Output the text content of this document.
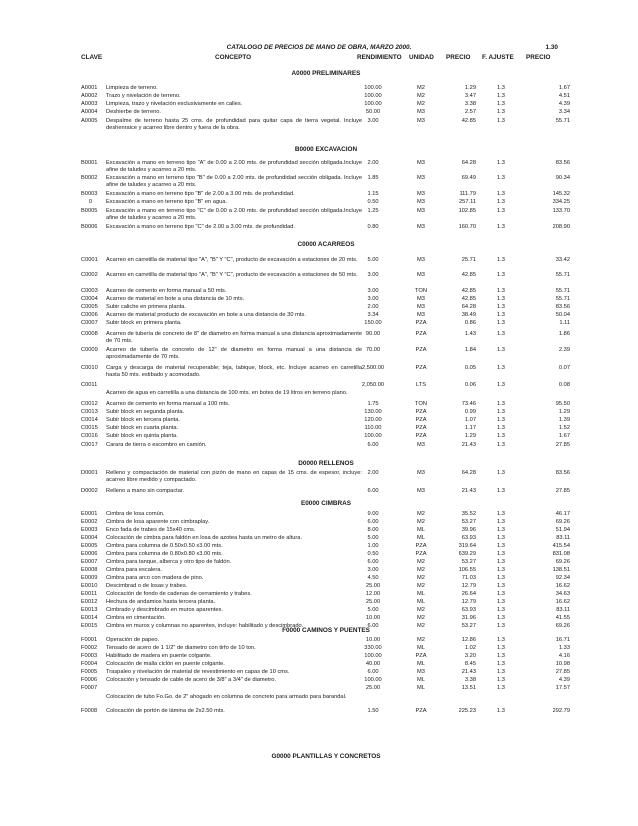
CATALOGO DE PRECIOS DE MANO DE OBRA, MARZO 2000.	1.30
CLAVE	CONCEPTO	RENDIMIENTO UNIDAD PRECIO F. AJUSTE PRECIO
A0000 PRELIMINARES
B0000 EXCAVACION
C0000 ACARREOS
D0000 RELLENOS
E0000 CIMBRAS
F0000 CAMINOS Y PUENTES
G0000 PLANTILLAS Y CONCRETOS
A0001 Limpieza de terreno.	100.00	M2	1.29	1.3	1.67
A0002 Trazo y nivelación de terreno.	100.00	M2	3.47	1.3	4.51
A0003 Limpieza, trazo y nivelación exclusivamente en calles.	100.00	M2	3.38	1.3	4.39
A0004 Deshierbe de terreno.	50.00	M3	2.57	1.3	3.34
A0005 Despalme de terreno hasta 25 cms. de profundidad para quitar capa de tierra vegetal. Incluye deshenraice y acarreo libre dentro y fuera de la obra.
3.00	M3	42.85	1.3	55.71
B0001 Excavación a mano en terreno tipo "A" de 0.00 a 2.00 mts. de profundidad sección obligada.Incluye afine de taludes y acarreo a 20 mts.
2.00	M3	64.28	1.3	83.56
B0002 Excavación a mano en terreno tipo "B" de 0.00 a 2.00 mts. de profundidad sección obligada. Incluye afine de taludes y acarreo a 20 mts.
1.85	M3	69.49	1.3	90.34
B0003 Excavación a mano en terreno tipo "B" de 2.00 a 3.00 mts. de profundidad.	1.15	M3	111.79	1.3	145.32
0	Excavación a mano en terreno tipo "B" en agua.	0.50	M3	257.11	1.3	334.25
B0005 Excavación a mano en terreno tipo "C" de 0.00 a 2.00 mts. de profundidad sección obligada.Incluye afine de taludes y acarreo a 20 mts.
1.25	M3	102.85	1.3	133.70
B0006 Excavación a mano en terreno tipo "C" de 2.00 a 3.00 mts. de profundidad.	0.80	M3	160.70	1.3	208.90
C0001 Acarreo en carretilla de material tipo "A", "B" Y "C", producto de excavación a estaciones de 20 mts.	5.00	M3	25.71	1.3	33.42
C0002 Acarreo en carretilla de material tipo "A", "B" Y "C", producto de excavación a estaciones de 50 mts.	3.00	M3	42.85	1.3	55.71
C0003 Acarreo de cemento en forma manual a 50 mts.	3.00	TON	42.85	1.3	55.71
C0004 Acarreo de material en bote a una distancia de 10 mts.	3.00	M3	42.85	1.3	55.71
C0005 Subir caliche en primera planta.	2.00	M3	64.28	1.3	83.56
C0006 Acarreo de material producto de excavación en bote a una distancia de 30 mts.	3.34	M3	38.49	1.3	50.04
C0007 Subir block en primera planta.	150.00	PZA	0.86	1.3	1.11
C0008 Acarreo de tubería de concreto de 8" de diametro en forma manual a una distancia aproximadamente de 70 mts.
90.00	PZA	1.43	1.3	1.86
C0009 Acarreo de tubería de concreto de 12" de diametro en forma manual a una distancia de aproximadamente de 70 mts.
70.00	PZA	1.84	1.3	2.39
C0010 Carga y descarga de material recuperable; teja, tabique, block, etc. Incluye acarreo en carretilla hasta 50 mts. estibado y acomodado.
2,500.00	PZA	0.05	1.3	0.07
C0011	2,050.00	LTS	0.06	1.3	0.08
Acarreo de agua en carretilla a una distancia de 100 mts. en botes de 19 litros en terreno plano.
C0012 Acarreo de cemento en forma manual a 100 mts.	1.75	TON	73.46	1.3	95.50
C0013 Subir block en segunda planta.	130.00	PZA	0.99	1.3	1.29
C0014 Subir block en tercera planta.	120.00	PZA	1.07	1.3	1.39
C0015 Subir block en cuarta planta.	110.00	PZA	1.17	1.3	1.52
C0016 Subir block en quinta planta.	100.00	PZA	1.29	1.3	1.67
C0017 Carага de tierra o escombro en camión.	6.00	M3	21.43	1.3	27.85
D0001 Relleno y compactación de material con pizón de mano en capas de 15 cms. de espesor, incluye: acarreo libre medido y compactado.
2.00	M3	64.28	1.3	83.56
D0002 Relleno a mano sin compactar.	6.00	M3	21.43	1.3	27.85
E0001 Cimbra de losa común.	9.00	M2	35.52	1.3	46.17
E0002 Cimbra de losa aparente con cimbraplay.	6.00	M2	53.27	1.3	69.26
E0003 Enco fada de trabes de 15x40 cms.	8.00	ML	39.96	1.3	51.94
E0004 Colocación de cimbra para faldón en losa de azotea hasta un metro de altura.	5.00	ML	63.93	1.3	83.11
E0005 Cimbra para columna de 0.50x0.50 x3.00 mts.	1.00	PZA	319.64	1.3	415.54
E0006 Cimbra para columna de 0.80x0.80 x3.00 mts.	0.50	PZA	639.29	1.3	831.08
E0007 Cimbra para tanque, alberca y otro tipo de faldón.	6.00	M2	53.27	1.3	69.26
E0008 Cimbra para escalera.	3.00	M2	106.55	1.3	138.51
E0009 Cimbra para arco con madera de pino.	4.50	M2	71.03	1.3	92.34
E0010 Descimbrad o de losas y trabes.	25.00	M2	12.79	1.3	16.62
E0011 Colocación de fondo de cadenas de cerramiento y trabes.	12.00	ML	26.64	1.3	34.63
E0012 Hechura de andamios hasta tercera planta.	25.00	ML	12.79	1.3	16.62
E0013 Cimbrado y descimbrado en muros aparentes.	5.00	M2	63.93	1.3	83.11
E0014 Cimbra en cimentación.	10.00	M2	31.96	1.3	41.55
E0015 Cimbra en muros y columnas no aparentes, incluye: habilitado y descimbrado.	6.00	M2	53.27	1.3	69.26
F0001 Operación de papeo.	10.00	M2	12.86	1.3	16.71
F0002 Tensado de acero de 1 1/2" de diametro con tirfo de 10 ton.	330.00	ML	1.02	1.3	1.33
F0003 Habilitado de madera en puente colgante.	100.00	PZA	3.20	1.3	4.16
F0004 Colocación de malla ciclón en puente colgante.	40.00	ML	8.45	1.3	10.98
F0005 Traspaleo y nivelación de material de revestimiento en capas de 10 cms.	6.00	M3	21.43	1.3	27.85
F0006 Colocación y tensado de cable de acero de 3/8" a 3/4" de diametro.	100.00	ML	3.38	1.3	4.39
F0007	25.00	ML	13.51	1.3	17.57
Colocación de tubo Fo.Go. de 2" ahogado en columna de concreto para armado para barandal.
F0008 Colocación de portón de lámina de 2x2.50 mts.	1.50	PZA	225.23	1.3	292.79
